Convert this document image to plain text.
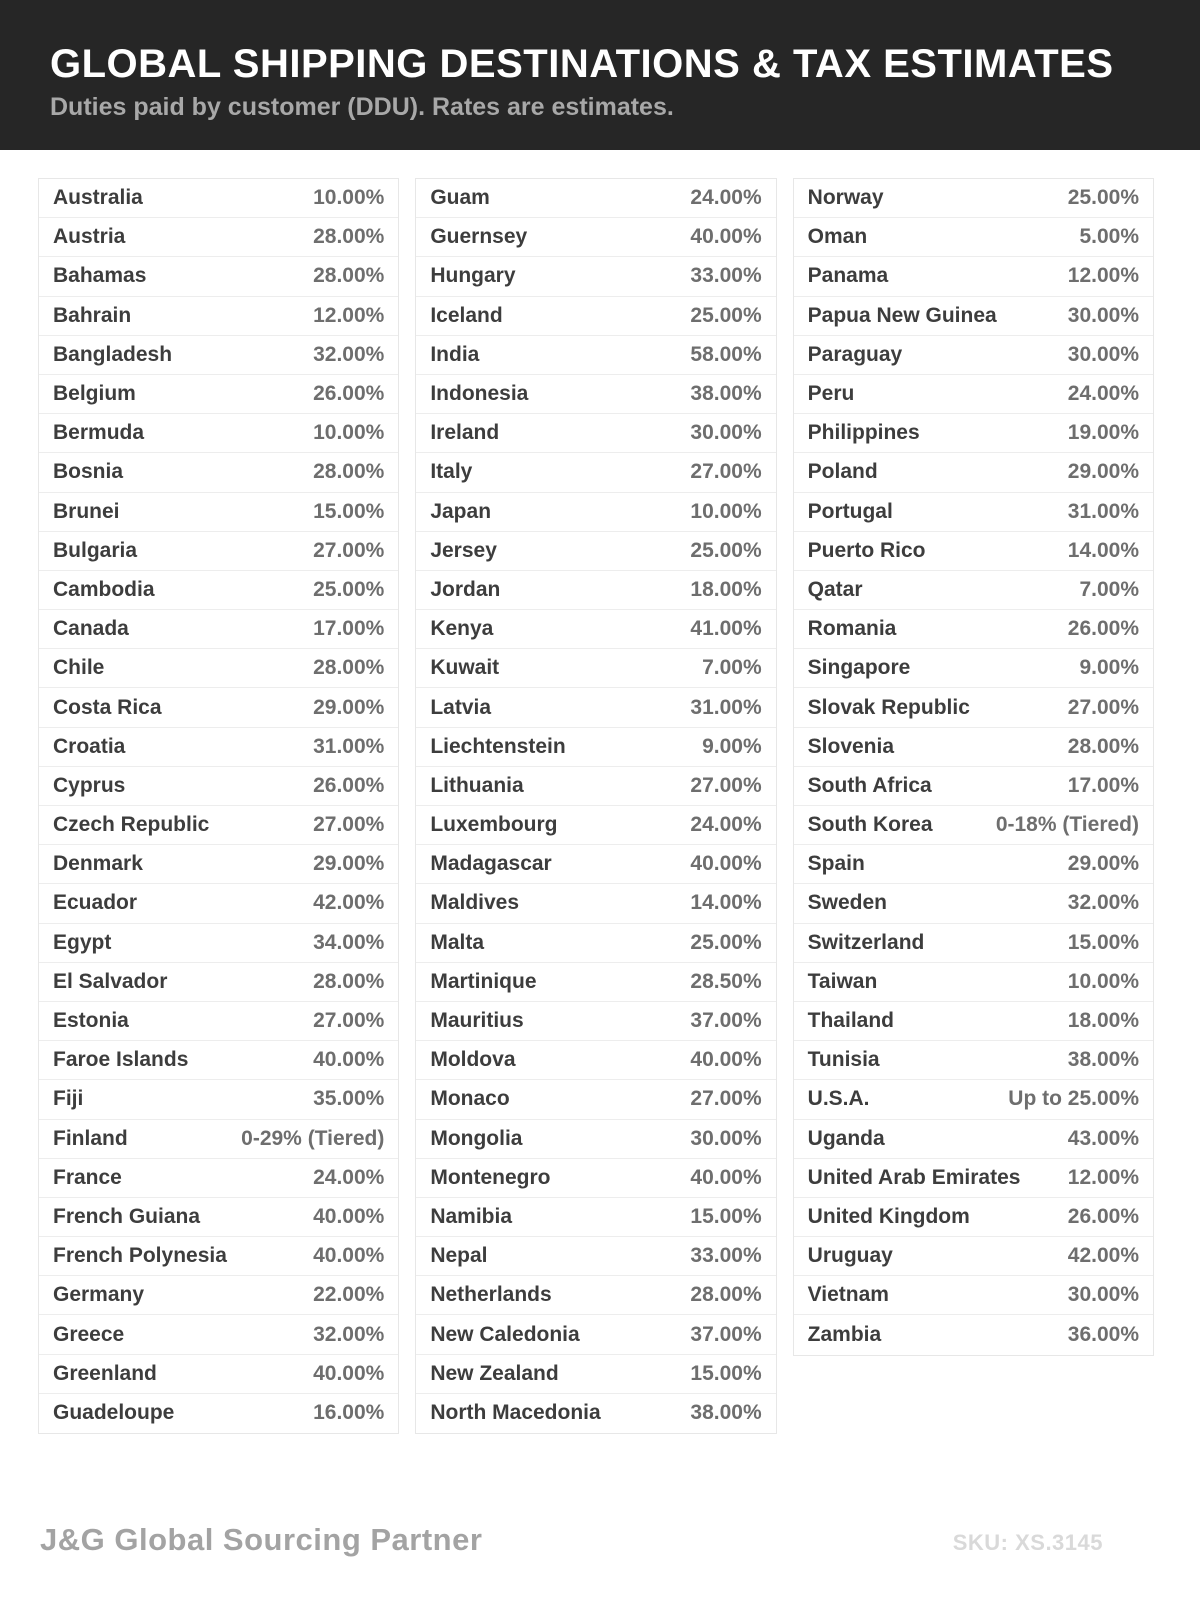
GLOBAL SHIPPING DESTINATIONS & TAX ESTIMATES
Duties paid by customer (DDU). Rates are estimates.
Australia	10.00%
Austria	28.00%
Bahamas	28.00%
Bahrain	12.00%
Bangladesh	32.00%
Belgium	26.00%
Bermuda	10.00%
Bosnia	28.00%
Brunei	15.00%
Bulgaria	27.00%
Cambodia	25.00%
Canada	17.00%
Chile	28.00%
Costa Rica	29.00%
Croatia	31.00%
Cyprus	26.00%
Czech Republic	27.00%
Denmark	29.00%
Ecuador	42.00%
Egypt	34.00%
El Salvador	28.00%
Estonia	27.00%
Faroe Islands	40.00%
Fiji	35.00%
Finland	0-29% (Tiered)
France	24.00%
French Guiana	40.00%
French Polynesia	40.00%
Germany	22.00%
Greece	32.00%
Greenland	40.00%
Guadeloupe	16.00%
Guam	24.00%
Guernsey	40.00%
Hungary	33.00%
Iceland	25.00%
India	58.00%
Indonesia	38.00%
Ireland	30.00%
Italy	27.00%
Japan	10.00%
Jersey	25.00%
Jordan	18.00%
Kenya	41.00%
Kuwait	7.00%
Latvia	31.00%
Liechtenstein	9.00%
Lithuania	27.00%
Luxembourg	24.00%
Madagascar	40.00%
Maldives	14.00%
Malta	25.00%
Martinique	28.50%
Mauritius	37.00%
Moldova	40.00%
Monaco	27.00%
Mongolia	30.00%
Montenegro	40.00%
Namibia	15.00%
Nepal	33.00%
Netherlands	28.00%
New Caledonia	37.00%
New Zealand	15.00%
North Macedonia	38.00%
Norway	25.00%
Oman	5.00%
Panama	12.00%
Papua New Guinea	30.00%
Paraguay	30.00%
Peru	24.00%
Philippines	19.00%
Poland	29.00%
Portugal	31.00%
Puerto Rico	14.00%
Qatar	7.00%
Romania	26.00%
Singapore	9.00%
Slovak Republic	27.00%
Slovenia	28.00%
South Africa	17.00%
South Korea	0-18% (Tiered)
Spain	29.00%
Sweden	32.00%
Switzerland	15.00%
Taiwan	10.00%
Thailand	18.00%
Tunisia	38.00%
U.S.A.	Up to 25.00%
Uganda	43.00%
United Arab Emirates 12.00%
United Kingdom	26.00%
Uruguay	42.00%
Vietnam	30.00%
Zambia	36.00%
J&G Global Sourcing Partner	SKU: XS.3145
